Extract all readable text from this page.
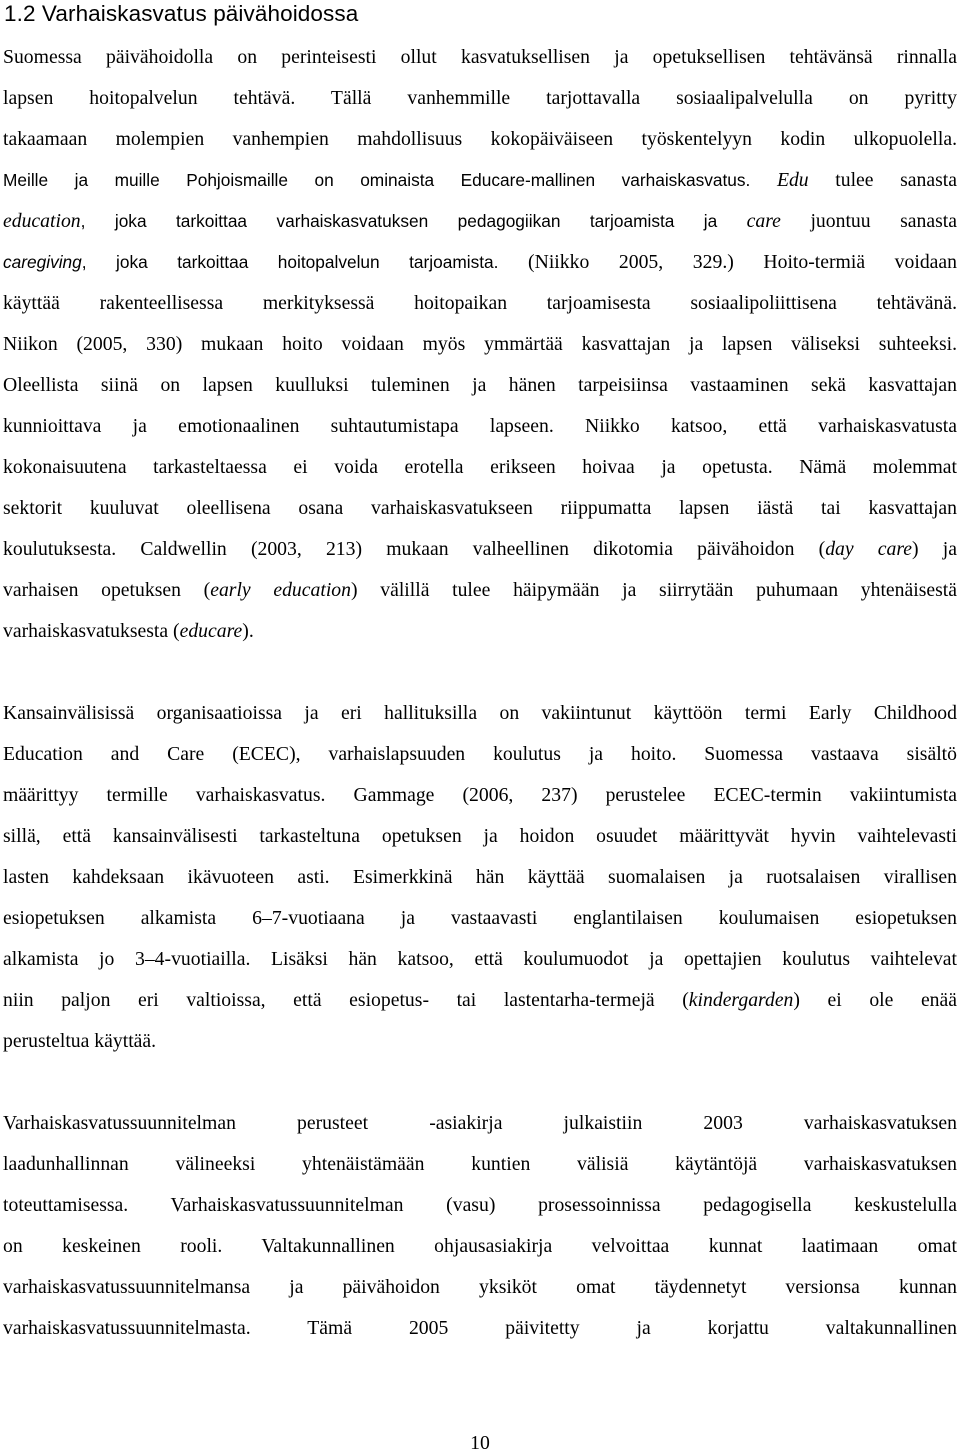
1.2 Varhaiskasvatus päivähoidossa
Suomessa päivähoidolla on perinteisesti ollut kasvatuksellisen ja opetuksellisen tehtävänsä rinnalla
lapsen hoitopalvelun tehtävä. Tällä vanhemmille tarjottavalla sosiaalipalvelulla on pyritty
takaamaan molempien vanhempien mahdollisuus kokopäiväiseen työskentelyyn kodin ulkopuolella.
Meille ja muille Pohjoismaille on ominaista Educare-mallinen varhaiskasvatus. Edu tulee sanasta
education, joka tarkoittaa varhaiskasvatuksen pedagogiikan tarjoamista ja care juontuu sanasta
caregiving, joka tarkoittaa hoitopalvelun tarjoamista. (Niikko 2005, 329.) Hoito-termiä voidaan
käyttää rakenteellisessa merkityksessä hoitopaikan tarjoamisesta sosiaalipoliittisena tehtävänä.
Niikon (2005, 330) mukaan hoito voidaan myös ymmärtää kasvattajan ja lapsen väliseksi suhteeksi.
Oleellista siinä on lapsen kuulluksi tuleminen ja hänen tarpeisiinsa vastaaminen sekä kasvattajan
kunnioittava ja emotionaalinen suhtautumistapa lapseen. Niikko katsoo, että varhaiskasvatusta
kokonaisuutena tarkasteltaessa ei voida erotella erikseen hoivaa ja opetusta. Nämä molemmat
sektorit kuuluvat oleellisena osana varhaiskasvatukseen riippumatta lapsen iästä tai kasvattajan
koulutuksesta. Caldwellin (2003, 213) mukaan valheellinen dikotomia päivähoidon (day care) ja
varhaisen opetuksen (early education) välillä tulee häipymään ja siirrytään puhumaan yhtenäisestä
varhaiskasvatuksesta (educare).
Kansainvälisissä organisaatioissa ja eri hallituksilla on vakiintunut käyttöön termi Early Childhood
Education and Care (ECEC), varhaislapsuuden koulutus ja hoito. Suomessa vastaava sisältö
määrittyy termille varhaiskasvatus. Gammage (2006, 237) perustelee ECEC-termin vakiintumista
sillä, että kansainvälisesti tarkasteltuna opetuksen ja hoidon osuudet määrittyvät hyvin vaihtelevasti
lasten kahdeksaan ikävuoteen asti. Esimerkkinä hän käyttää suomalaisen ja ruotsalaisen virallisen
esiopetuksen alkamista 6–7-vuotiaana ja vastaavasti englantilaisen koulumaisen esiopetuksen
alkamista jo 3–4-vuotiailla. Lisäksi hän katsoo, että koulumuodot ja opettajien koulutus vaihtelevat
niin paljon eri valtioissa, että esiopetus- tai lastentarha-termejä (kindergarden) ei ole enää
perusteltua käyttää.
Varhaiskasvatussuunnitelman perusteet -asiakirja julkaistiin 2003 varhaiskasvatuksen
laadunhallinnan välineeksi yhtenäistämään kuntien välisiä käytäntöjä varhaiskasvatuksen
toteuttamisessa. Varhaiskasvatussuunnitelman (vasu) prosessoinnissa pedagogisella keskustelulla
on keskeinen rooli. Valtakunnallinen ohjausasiakirja velvoittaa kunnat laatimaan omat
varhaiskasvatussuunnitelmansa ja päivähoidon yksiköt omat täydennetyt versionsa kunnan
varhaiskasvatussuunnitelmasta. Tämä 2005 päivitetty ja korjattu valtakunnallinen
10
